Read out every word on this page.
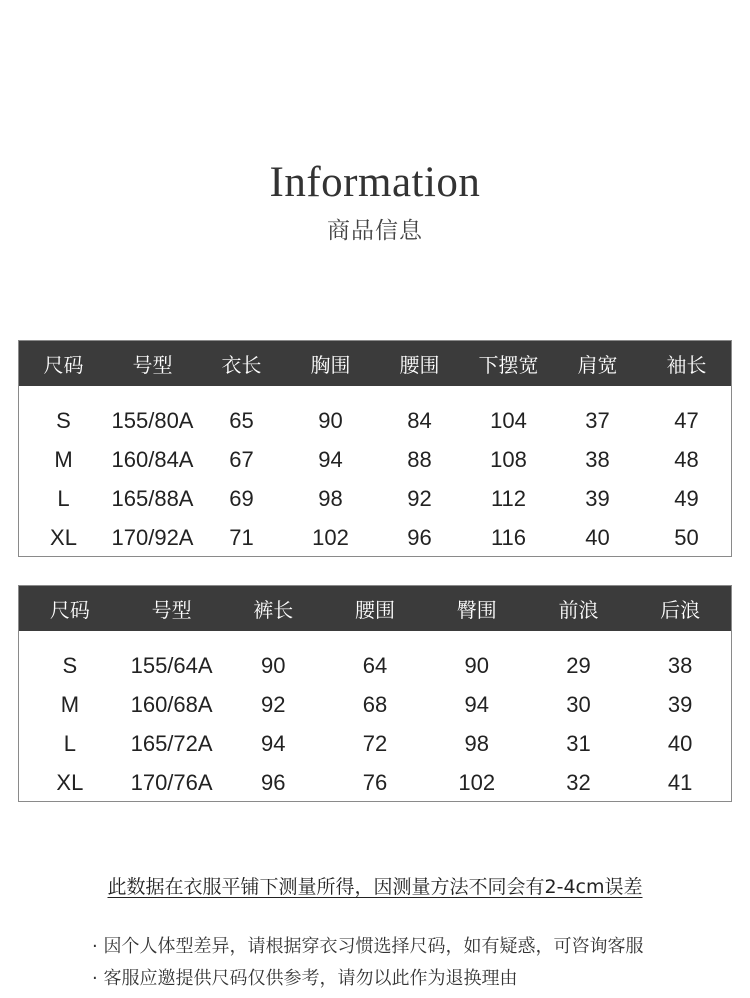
Information
商品信息
尺码	号型	衣长	胸围	腰围	下摆宽	肩宽	袖长
S	155/80A	65	90	84	104	37	47
M	160/84A	67	94	88	108	38	48
L	165/88A	69	98	92	112	39	49
XL	170/92A	71	102	96	116	40	50
尺码	号型	裤长	腰围	臀围	前浪	后浪
S	155/64A	90	64	90	29	38
M	160/68A	92	68	94	30	39
L	165/72A	94	72	98	31	40
XL	170/76A	96	76	102	32	41
此数据在衣服平铺下测量所得，因测量方法不同会有2-4cm误差
· 因个人体型差异，请根据穿衣习惯选择尺码，如有疑惑，可咨询客服
· 客服应邀提供尺码仅供参考，请勿以此作为退换理由
